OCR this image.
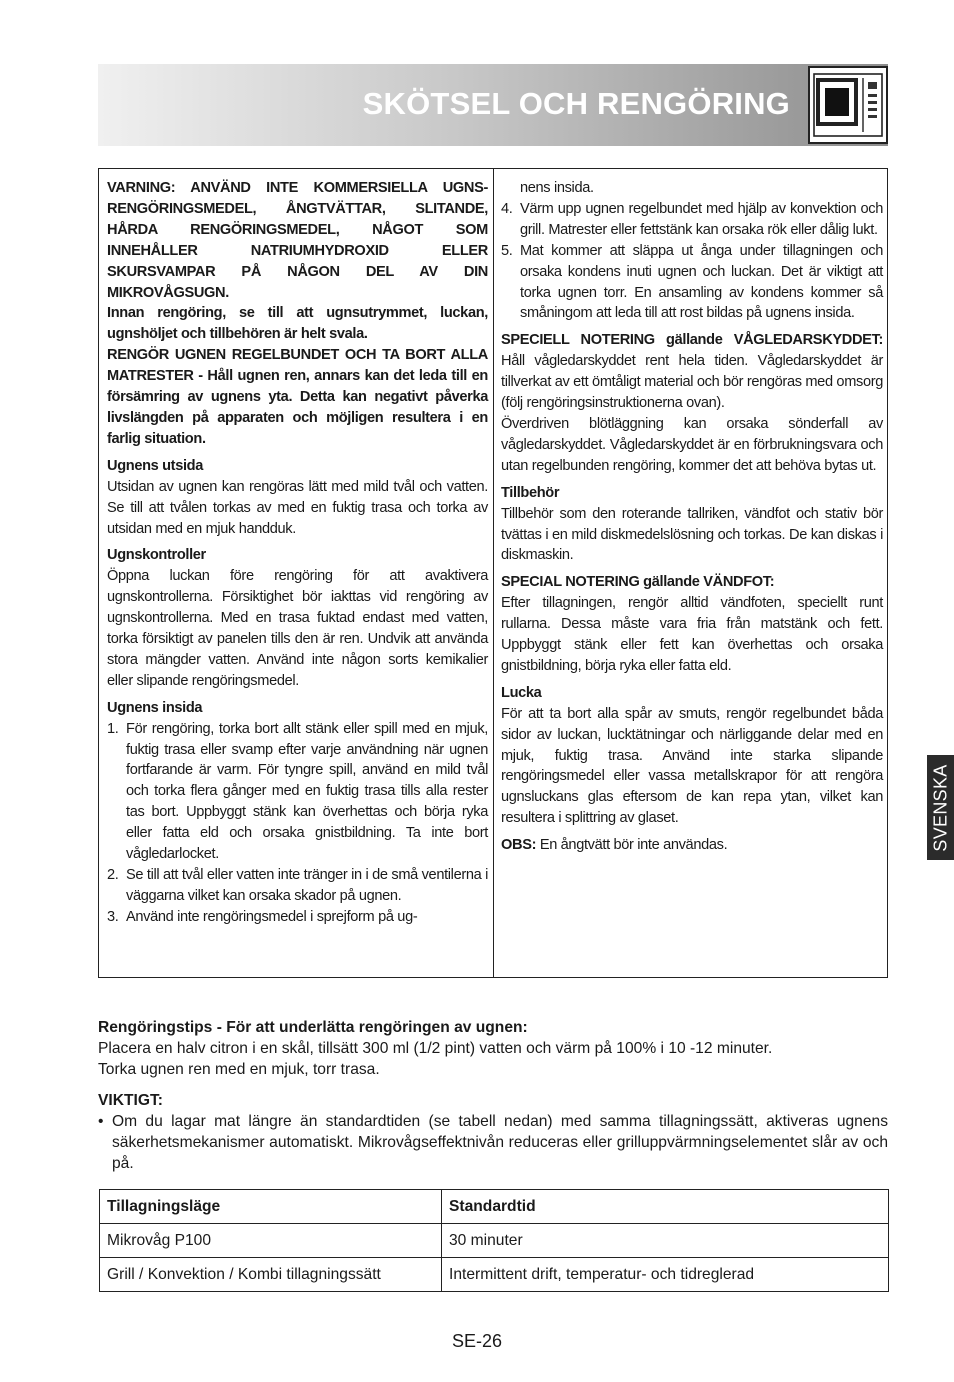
SKÖTSEL OCH RENGÖRING
VARNING: ANVÄND INTE KOMMERSIELLA UGNS-RENGÖRINGSMEDEL, ÅNGTVÄTTAR, SLITANDE, HÅRDA RENGÖRINGSMEDEL, NÅGOT SOM INNEHÅLLER NATRIUMHYDROXID ELLER SKURSVAMPAR PÅ NÅGON DEL AV DIN MIKROVÅGSUGN.
Innan rengöring, se till att ugnsutrymmet, luckan, ugnshöljet och tillbehören är helt svala.
RENGÖR UGNEN REGELBUNDET OCH TA BORT ALLA MATRESTER - Håll ugnen ren, annars kan det leda till en försämring av ugnens yta. Detta kan negativt påverka livslängden på apparaten och möjligen resultera i en farlig situation.
Ugnens utsida
Utsidan av ugnen kan rengöras lätt med mild tvål och vatten. Se till att tvålen torkas av med en fuktig trasa och torka av utsidan med en mjuk handduk.
Ugnskontroller
Öppna luckan före rengöring för att avaktivera ugnskontrollerna. Försiktighet bör iakttas vid rengöring av ugnskontrollerna. Med en trasa fuktad endast med vatten, torka försiktigt av panelen tills den är ren. Undvik att använda stora mängder vatten. Använd inte någon sorts kemikalier eller slipande rengöringsmedel.
Ugnens insida
1. För rengöring, torka bort allt stänk eller spill med en mjuk, fuktig trasa eller svamp efter varje användning när ugnen fortfarande är varm. För tyngre spill, använd en mild tvål och torka flera gånger med en fuktig trasa tills alla rester tas bort. Uppbyggt stänk kan överhettas och börja ryka eller fatta eld och orsaka gnistbildning. Ta inte bort vågledarlocket.
2. Se till att tvål eller vatten inte tränger in i de små ventilerna i väggarna vilket kan orsaka skador på ugnen.
3. Använd inte rengöringsmedel i sprejform på ug-
nens insida.
4. Värm upp ugnen regelbundet med hjälp av konvektion och grill. Matrester eller fettstänk kan orsaka rök eller dålig lukt.
5. Mat kommer att släppa ut ånga under tillagningen och orsaka kondens inuti ugnen och luckan. Det är viktigt att torka ugnen torr. En ansamling av kondens kommer så småningom att leda till att rost bildas på ugnens insida.
SPECIELL NOTERING gällande VÅGLEDARSKYDDET: Håll vågledarskyddet rent hela tiden. Vågledarskyddet är tillverkat av ett ömtåligt material och bör rengöras med omsorg (följ rengöringsinstruktionerna ovan).
Överdriven blötläggning kan orsaka sönderfall av vågledarskyddet. Vågledarskyddet är en förbrukningsvara och utan regelbunden rengöring, kommer det att behöva bytas ut.
Tillbehör
Tillbehör som den roterande tallriken, vändfot och stativ bör tvättas i en mild diskmedelslösning och torkas. De kan diskas i diskmaskin.
SPECIAL NOTERING gällande VÄNDFOT:
Efter tillagningen, rengör alltid vändfoten, speciellt runt rullarna. Dessa måste vara fria från matstänk och fett. Uppbyggt stänk eller fett kan överhettas och orsaka gnistbildning, börja ryka eller fatta eld.
Lucka
För att ta bort alla spår av smuts, rengör regelbundet båda sidor av luckan, lucktätningar och närliggande delar med en mjuk, fuktig trasa. Använd inte starka slipande rengöringsmedel eller vassa metallskrapor för att rengöra ugnsluckans glas eftersom de kan repa ytan, vilket kan resultera i splittring av glaset.
OBS: En ångtvätt bör inte användas.	SVENSKA
Rengöringstips - För att underlätta rengöringen av ugnen:
Placera en halv citron i en skål, tillsätt 300 ml (1/2 pint) vatten och värm på 100% i 10 -12 minuter.
Torka ugnen ren med en mjuk, torr trasa.
VIKTIGT:
• Om du lagar mat längre än standardtiden (se tabell nedan) med samma tillagningssätt, aktiveras ugnens säkerhetsmekanismer automatiskt. Mikrovågseffektnivån reduceras eller grilluppvärmningselementet slår av och på.
Tillagningsläge	Standardtid
Mikrovåg P100	30 minuter
Grill / Konvektion / Kombi tillagningssätt	Intermittent drift, temperatur- och tidreglerad
SE-26
